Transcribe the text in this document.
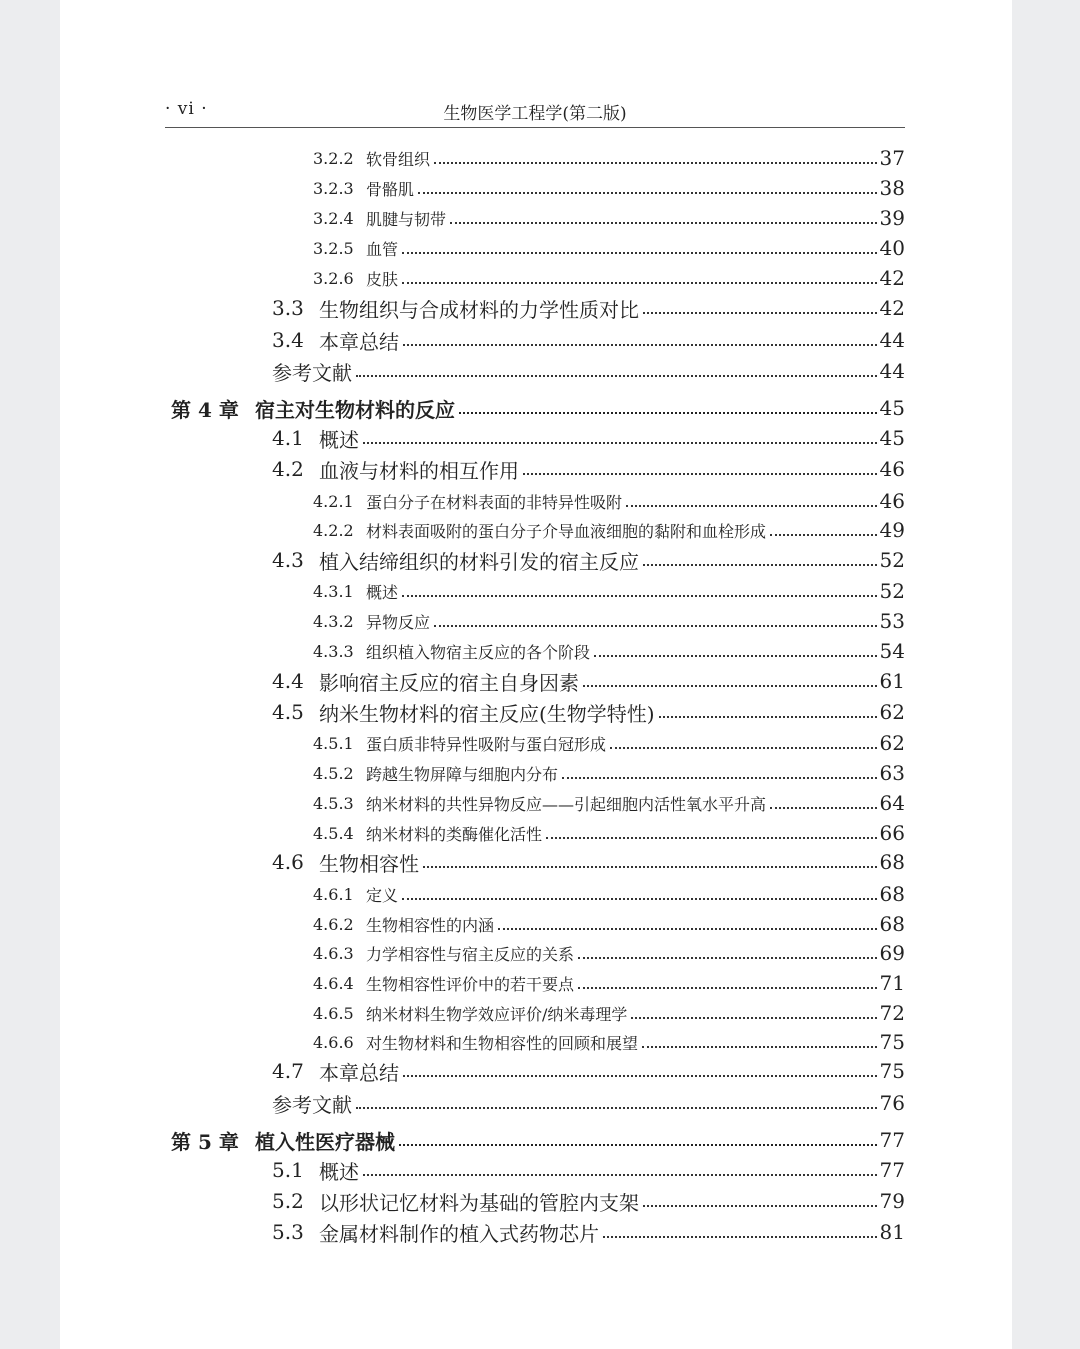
· vi ·	生物医学工程学(第二版)
3.2.2 软骨组织	37
3.2.3 骨骼肌	38
3.2.4 肌腱与韧带	39
3.2.5 血管	40
3.2.6 皮肤	42
3.3 生物组织与合成材料的力学性质对比	42
3.4 本章总结	44
参考文献	44
第 4 章 宿主对生物材料的反应	45
4.1 概述	45
4.2 血液与材料的相互作用	46
4.2.1 蛋白分子在材料表面的非特异性吸附	46
4.2.2 材料表面吸附的蛋白分子介导血液细胞的黏附和血栓形成	49
4.3 植入结缔组织的材料引发的宿主反应	52
4.3.1 概述	52
4.3.2 异物反应	53
4.3.3 组织植入物宿主反应的各个阶段	54
4.4 影响宿主反应的宿主自身因素	61
4.5 纳米生物材料的宿主反应(生物学特性)	62
4.5.1 蛋白质非特异性吸附与蛋白冠形成	62
4.5.2 跨越生物屏障与细胞内分布	63
4.5.3 纳米材料的共性异物反应——引起细胞内活性氧水平升高	64
4.5.4 纳米材料的类酶催化活性	66
4.6 生物相容性	68
4.6.1 定义	68
4.6.2 生物相容性的内涵	68
4.6.3 力学相容性与宿主反应的关系	69
4.6.4 生物相容性评价中的若干要点	71
4.6.5 纳米材料生物学效应评价/纳米毒理学	72
4.6.6 对生物材料和生物相容性的回顾和展望	75
4.7 本章总结	75
参考文献	76
第 5 章 植入性医疗器械	77
5.1 概述	77
5.2 以形状记忆材料为基础的管腔内支架	79
5.3 金属材料制作的植入式药物芯片	81
